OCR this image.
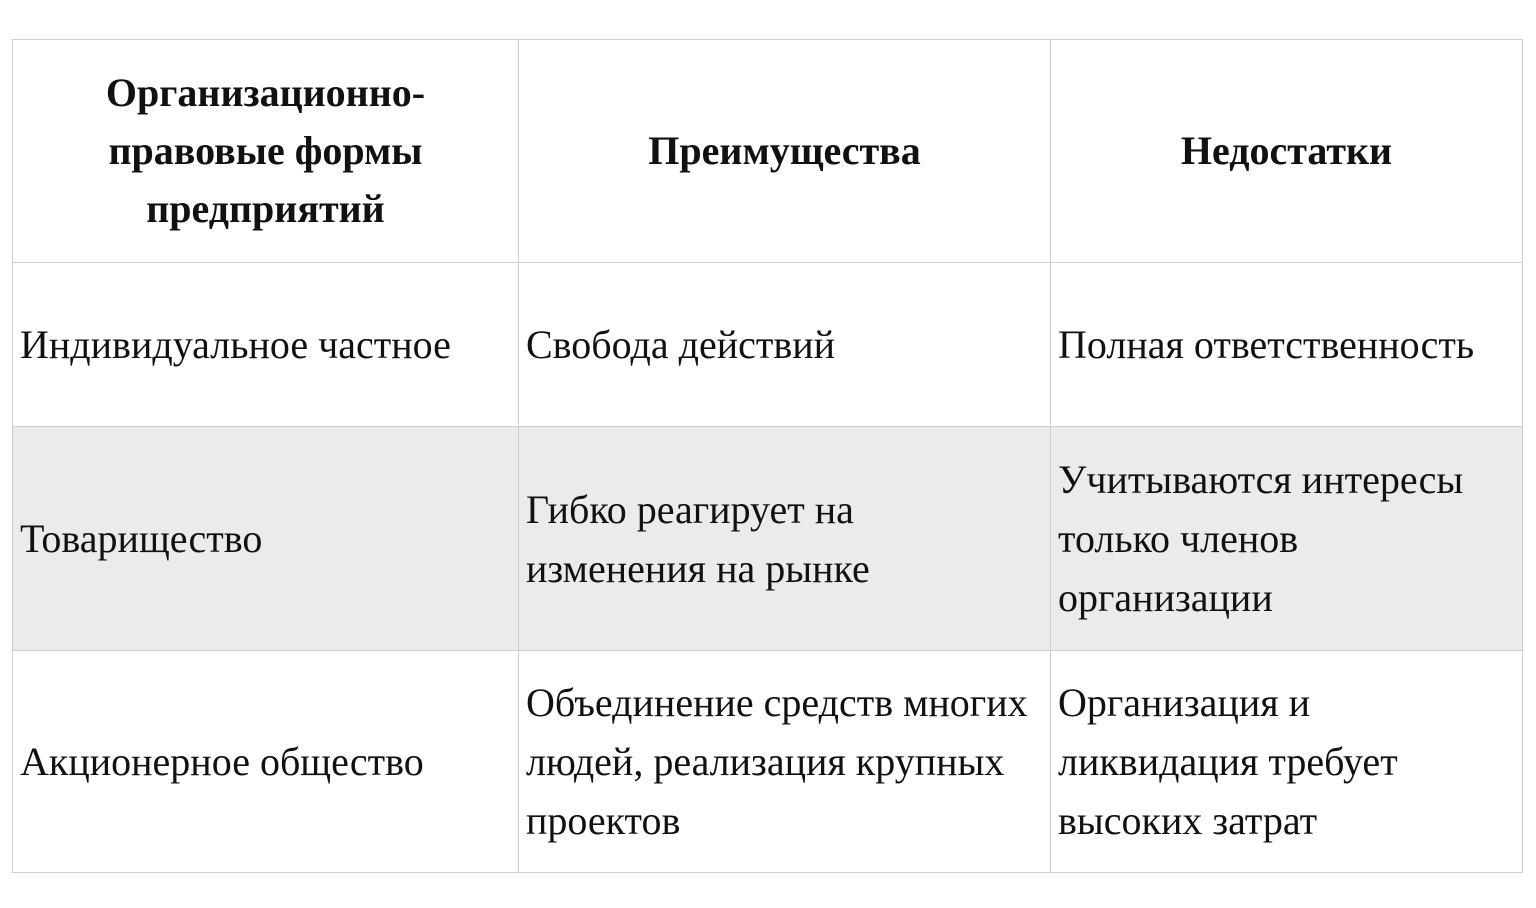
Организационно-правовые формы предприятий	Преимущества	Недостатки
Индивидуальное частное	Свобода действий	Полная ответственность
Товарищество	Гибко реагирует на изменения на рынке	Учитываются интересы только членов организации
Акционерное общество	Объединение средств многих людей, реализация крупных проектов	Организация и ликвидация требует высоких затрат
